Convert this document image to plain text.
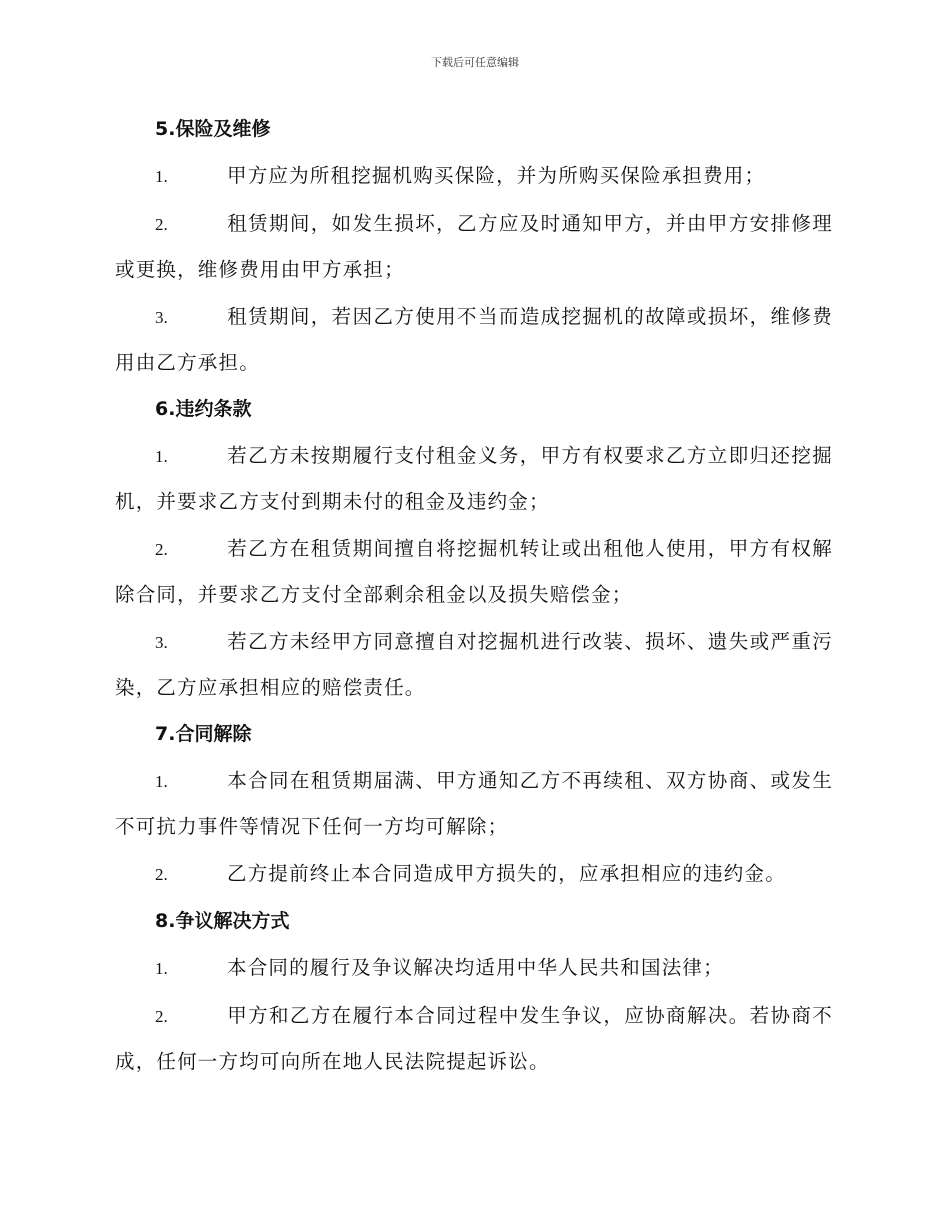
下载后可任意编辑
5.保险及维修
1.	甲方应为所租挖掘机购买保险，并为所购买保险承担费用；
2.	租赁期间，如发生损坏，乙方应及时通知甲方，并由甲方安排修理或更换，维修费用由甲方承担；
3.	租赁期间，若因乙方使用不当而造成挖掘机的故障或损坏，维修费用由乙方承担。
6.违约条款
1.	若乙方未按期履行支付租金义务，甲方有权要求乙方立即归还挖掘机，并要求乙方支付到期未付的租金及违约金；
2.	若乙方在租赁期间擅自将挖掘机转让或出租他人使用，甲方有权解除合同，并要求乙方支付全部剩余租金以及损失赔偿金；
3.	若乙方未经甲方同意擅自对挖掘机进行改装、损坏、遗失或严重污染，乙方应承担相应的赔偿责任。
7.合同解除
1.	本合同在租赁期届满、甲方通知乙方不再续租、双方协商、或发生不可抗力事件等情况下任何一方均可解除；
2.	乙方提前终止本合同造成甲方损失的，应承担相应的违约金。
8.争议解决方式
1.	本合同的履行及争议解决均适用中华人民共和国法律；
2.	甲方和乙方在履行本合同过程中发生争议，应协商解决。若协商不成，任何一方均可向所在地人民法院提起诉讼。
